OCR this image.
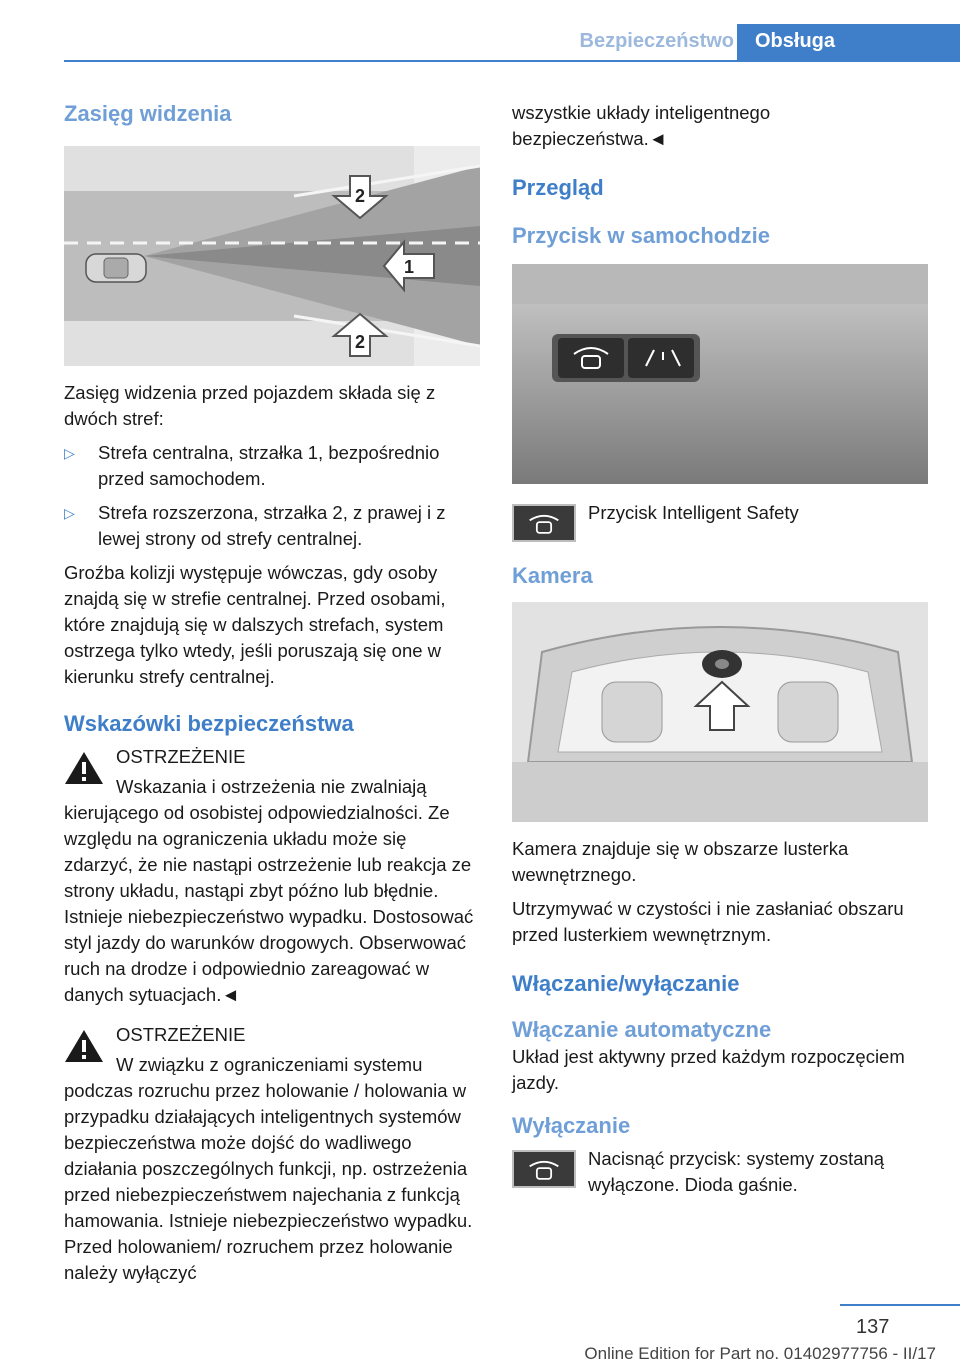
Bezpieczeństwo	Obsługa
Zasięg widzenia
2
1
2

Zasięg widzenia przed pojazdem składa się z dwóch stref:

▷ Strefa centralna, strzałka 1, bezpośrednio przed samochodem.
▷ Strefa rozszerzona, strzałka 2, z prawej i z lewej strony od strefy centralnej.

Groźba kolizji występuje wówczas, gdy osoby znajdą się w strefie centralnej. Przed osobami, które znajdują się w dalszych strefach, system ostrzega tylko wtedy, jeśli poruszają się one w kierunku strefy centralnej.

Wskazówki bezpieczeństwa
OSTRZEŻENIE

Wskazania i ostrzeżenia nie zwalniają kierującego od osobistej odpowiedzialności. Ze względu na ograniczenia układu może się zdarzyć, że nie nastąpi ostrzeżenie lub reakcja ze strony układu, nastąpi zbyt późno lub błędnie. Istnieje niebezpieczeństwo wypadku. Dostosować styl jazdy do warunków drogowych. Obserwować ruch na drodze i odpowiednio zareagować w danych sytuacjach.◄

OSTRZEŻENIE

W związku z ograniczeniami systemu podczas rozruchu przez holowanie / holowania w przypadku działających inteligentnych systemów bezpieczeństwa może dojść do wadliwego działania poszczególnych funkcji, np. ostrzeżenia przed niebezpieczeństwem najechania z funkcją hamowania. Istnieje niebezpieczeństwo wypadku. Przed holowaniem/ rozruchem przez holowanie należy wyłączyć

wszystkie układy inteligentnego bezpieczeństwa.◄

Przegląd
Przycisk w samochodzie

Przycisk Intelligent Safety

Kamera

Kamera znajduje się w obszarze lusterka wewnętrznego.

Utrzymywać w czystości i nie zasłaniać obszaru przed lusterkiem wewnętrznym.

Włączanie/wyłączanie
Włączanie automatyczne

Układ jest aktywny przed każdym rozpoczęciem jazdy.

Wyłączanie

Nacisnąć przycisk: systemy zostaną wyłączone. Dioda gaśnie.

137
Online Edition for Part no. 01402977756 - II/17
